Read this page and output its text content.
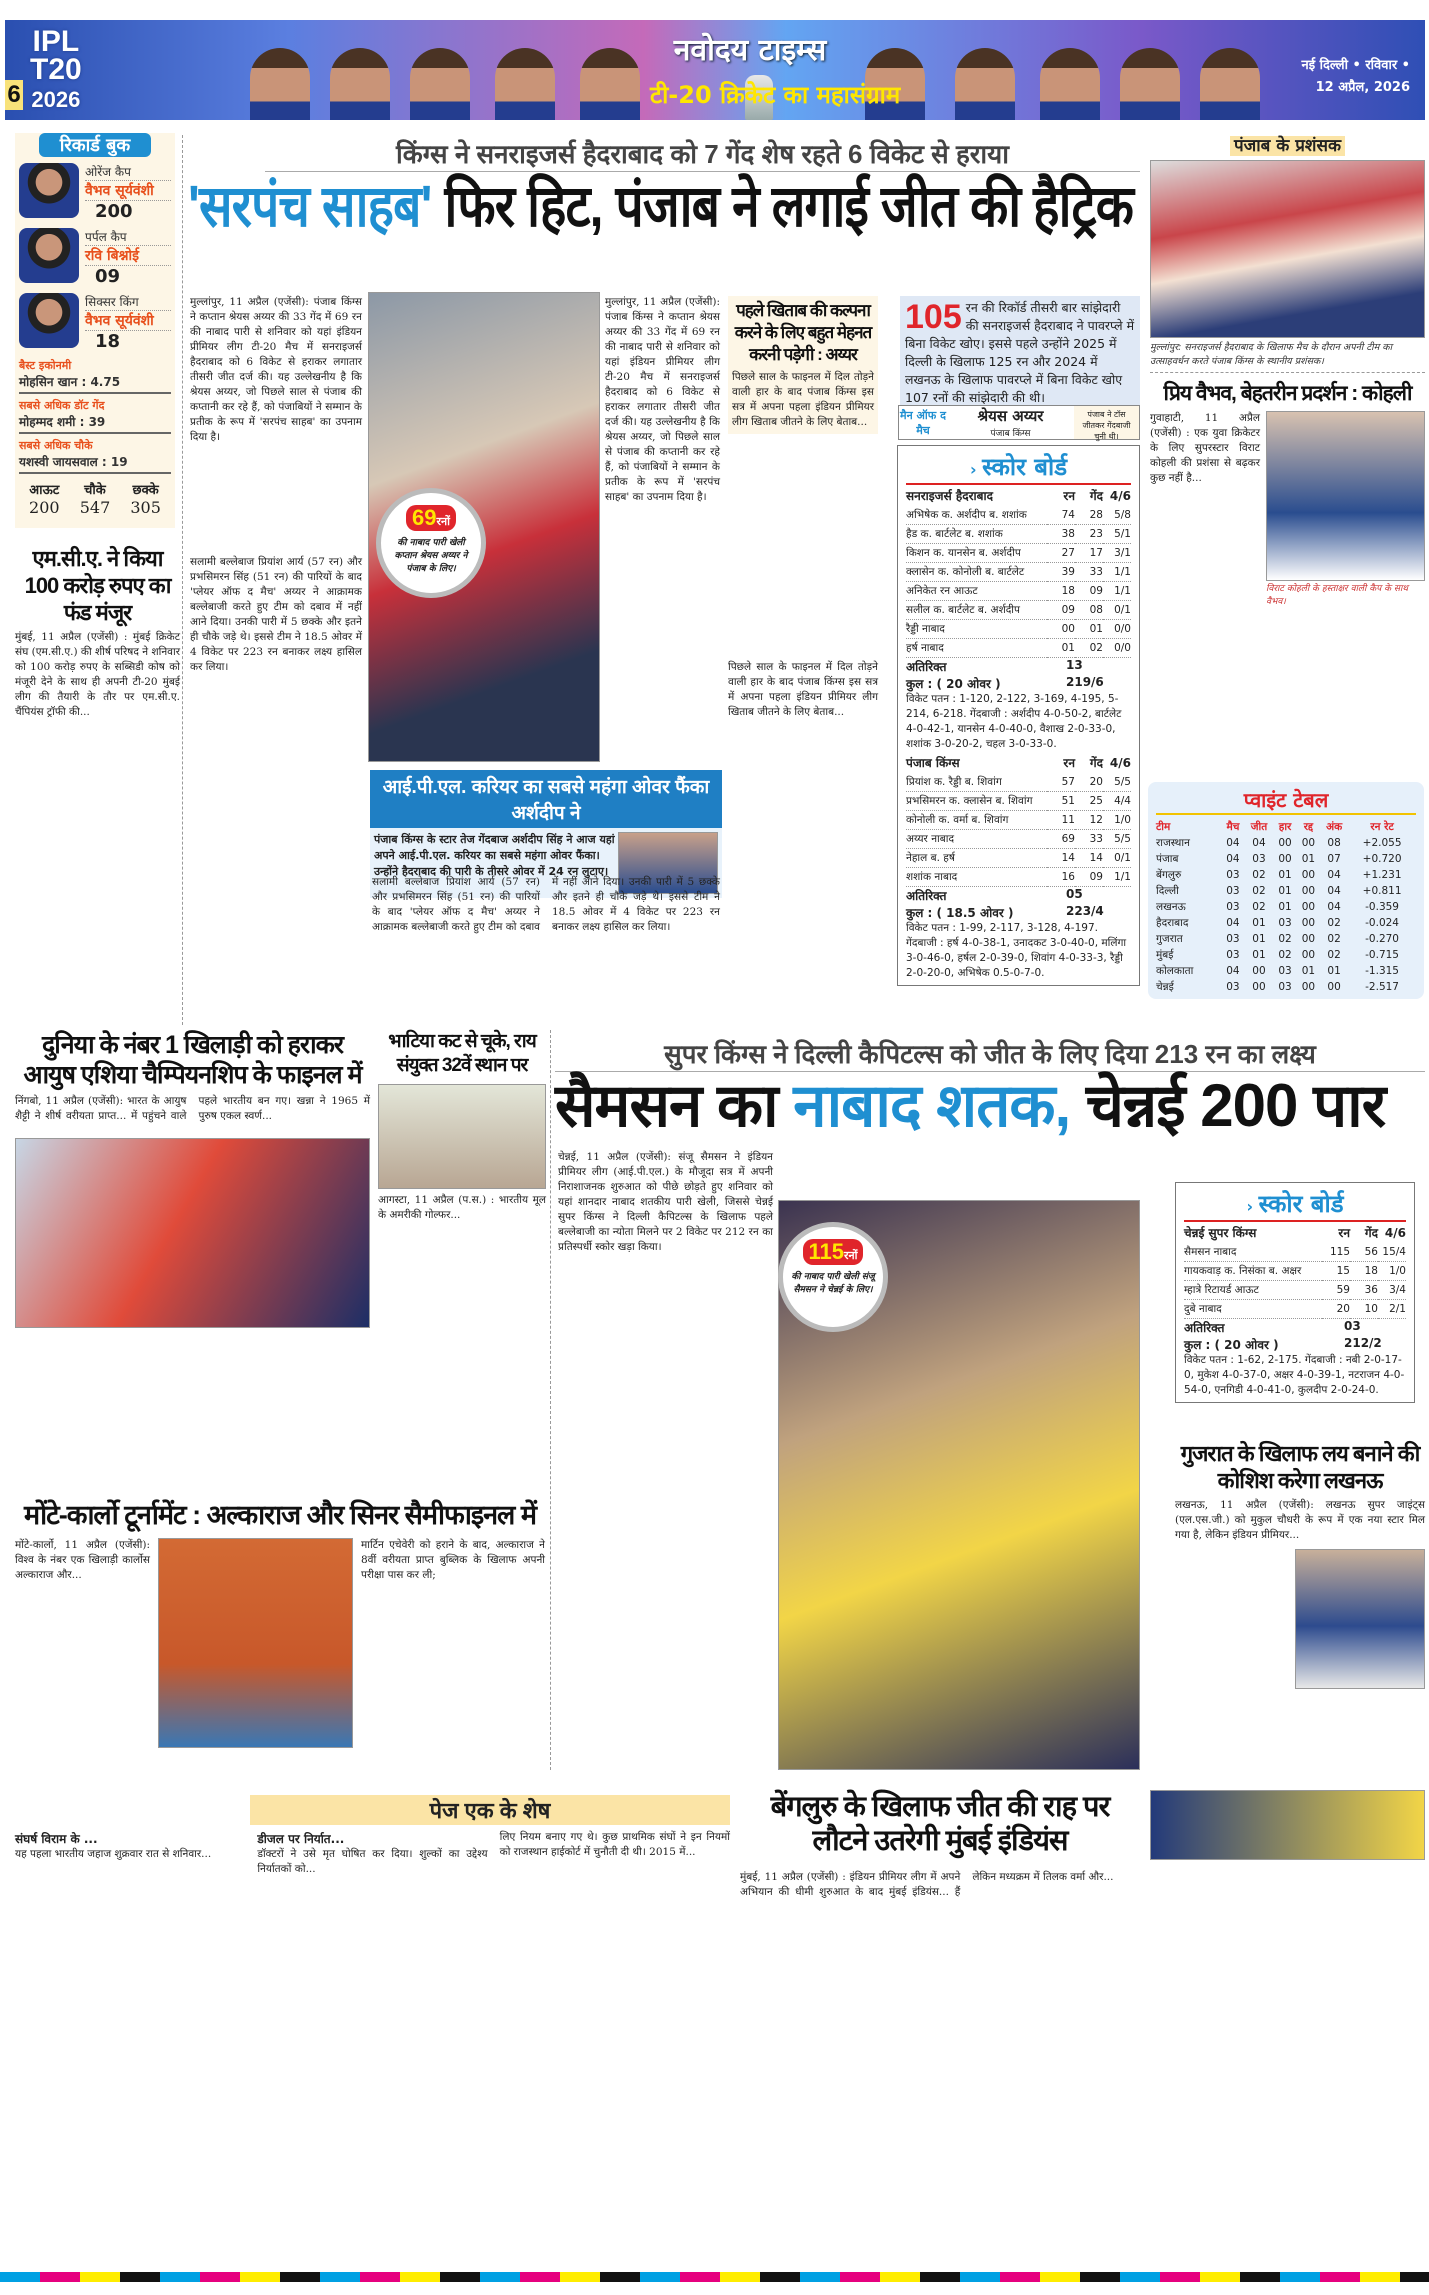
IPL
T20
2026
6
नवोदय टाइम्स
टी-20 क्रिकेट का महासंग्राम
नई दिल्ली • रविवार •
12 अप्रैल, 2026
रिकार्ड बुक
ओरेंज कैप
वैभव सूर्यवंशी
200
पर्पल कैप
रवि बिश्नोई
09
सिक्सर किंग
वैभव सूर्यवंशी
18
बैस्ट इकोनमी
मोहसिन खान : 4.75
सबसे अधिक डॉट गेंद
मोहम्मद शमी : 39
सबसे अधिक चौके
यशस्वी जायसवाल : 19
आऊट
200
चौके
547
छक्के
305
एम.सी.ए. ने किया 100 करोड़ रुपए का फंड मंजूर

मुंबई, 11 अप्रैल (एजेंसी) : मुंबई क्रिकेट संघ (एम.सी.ए.) की शीर्ष परिषद ने शनिवार को 100 करोड़ रुपए के सब्सिडी कोष को मंजूरी देने के साथ ही अपनी टी-20 मुंबई लीग की तैयारी के तौर पर एम.सी.ए. चैंपियंस ट्रॉफी की...

किंग्स ने सनराइजर्स हैदराबाद को 7 गेंद शेष रहते 6 विकेट से हराया
'सरपंच साहब' फिर हिट, पंजाब ने लगाई जीत की हैट्रिक

मुल्लांपुर, 11 अप्रैल (एजेंसी): पंजाब किंग्स ने कप्तान श्रेयस अय्यर की 33 गेंद में 69 रन की नाबाद पारी से शनिवार को यहां इंडियन प्रीमियर लीग टी-20 मैच में सनराइजर्स हैदराबाद को 6 विकेट से हराकर लगातार तीसरी जीत दर्ज की। यह उल्लेखनीय है कि श्रेयस अय्यर, जो पिछले साल से पंजाब की कप्तानी कर रहे हैं, को पंजाबियों ने सम्मान के प्रतीक के रूप में 'सरपंच साहब' का उपनाम दिया है।

सलामी बल्लेबाज प्रियांश आर्य (57 रन) और प्रभसिमरन सिंह (51 रन) की पारियों के बाद 'प्लेयर ऑफ द मैच' अय्यर ने आक्रामक बल्लेबाजी करते हुए टीम को दबाव में नहीं आने दिया। उनकी पारी में 5 छक्के और इतने ही चौके जड़े थे। इससे टीम ने 18.5 ओवर में 4 विकेट पर 223 रन बनाकर लक्ष्य हासिल कर लिया।

69रनों

की नाबाद पारी खेली कप्तान श्रेयस अय्यर ने पंजाब के लिए।

मुल्लांपुर, 11 अप्रैल (एजेंसी): पंजाब किंग्स ने कप्तान श्रेयस अय्यर की 33 गेंद में 69 रन की नाबाद पारी से शनिवार को यहां इंडियन प्रीमियर लीग टी-20 मैच में सनराइजर्स हैदराबाद को 6 विकेट से हराकर लगातार तीसरी जीत दर्ज की। यह उल्लेखनीय है कि श्रेयस अय्यर, जो पिछले साल से पंजाब की कप्तानी कर रहे हैं, को पंजाबियों ने सम्मान के प्रतीक के रूप में 'सरपंच साहब' का उपनाम दिया है।

पहले खिताब की कल्पना करने के लिए बहुत मेहनत करनी पड़ेगी : अय्यर

पिछले साल के फाइनल में दिल तोड़ने वाली हार के बाद पंजाब किंग्स इस सत्र में अपना पहला इंडियन प्रीमियर लीग खिताब जीतने के लिए बेताब...

105 रन की रिकॉर्ड तीसरी बार सांझेदारी की सनराइजर्स हैदराबाद ने पावरप्ले में बिना विकेट खोए। इससे पहले उन्होंने 2025 में दिल्ली के खिलाफ 125 रन और 2024 में लखनऊ के खिलाफ पावरप्ले में बिना विकेट खोए 107 रनों की सांझेदारी की थी।
मैन ऑफ द मैच
श्रेयस अय्यर
पंजाब किंग्स
पंजाब ने टॉस जीतकर गेंदबाजी चुनी थी।
› स्कोर बोर्ड
सनराइजर्स हैदराबाद	रन	गेंद	4/6
अभिषेक क. अर्शदीप ब. शशांक	74	28	5/8
हैड क. बार्टलेट ब. शशांक	38	23	5/1
किशन क. यानसेन ब. अर्शदीप	27	17	3/1
क्लासेन क. कोनोली ब. बार्टलेट	39	33	1/1
अनिकेत रन आऊट	18	09	1/1
सलील क. बार्टलेट ब. अर्शदीप	09	08	0/1
रैड्डी नाबाद	00	01	0/0
हर्ष नाबाद	01	02	0/0
अतिरिक्त	13
कुल : ( 20 ओवर )	219/6
विकेट पतन : 1-120, 2-122, 3-169, 4-195, 5-214, 6-218. गेंदबाजी : अर्शदीप 4-0-50-2, बार्टलेट 4-0-42-1, यानसेन 4-0-40-0, वैशाख 2-0-33-0, शशांक 3-0-20-2, चहल 3-0-33-0.
पंजाब किंग्स	रन	गेंद	4/6
प्रियांश क. रैड्डी ब. शिवांग	57	20	5/5
प्रभसिमरन क. क्लासेन ब. शिवांग	51	25	4/4
कोनोली क. वर्मा ब. शिवांग	11	12	1/0
अय्यर नाबाद	69	33	5/5
नेहाल ब. हर्ष	14	14	0/1
शशांक नाबाद	16	09	1/1
अतिरिक्त	05
कुल : ( 18.5 ओवर )	223/4
विकेट पतन : 1-99, 2-117, 3-128, 4-197. गेंदबाजी : हर्ष 4-0-38-1, उनादकट 3-0-40-0, मलिंगा 3-0-46-0, हर्षल 2-0-39-0, शिवांग 4-0-33-3, रैड्डी 2-0-20-0, अभिषेक 0.5-0-7-0.
आई.पी.एल. करियर का सबसे महंगा ओवर फैंका अर्शदीप ने

पंजाब किंग्स के स्टार तेज गेंदबाज अर्शदीप सिंह ने आज यहां अपने आई.पी.एल. करियर का सबसे महंगा ओवर फैंका। उन्होंने हैदराबाद की पारी के तीसरे ओवर में 24 रन लुटाए।

सलामी बल्लेबाज प्रियांश आर्य (57 रन) और प्रभसिमरन सिंह (51 रन) की पारियों के बाद 'प्लेयर ऑफ द मैच' अय्यर ने आक्रामक बल्लेबाजी करते हुए टीम को दबाव में नहीं आने दिया। उनकी पारी में 5 छक्के और इतने ही चौके जड़े थे। इससे टीम ने 18.5 ओवर में 4 विकेट पर 223 रन बनाकर लक्ष्य हासिल कर लिया।

पिछले साल के फाइनल में दिल तोड़ने वाली हार के बाद पंजाब किंग्स इस सत्र में अपना पहला इंडियन प्रीमियर लीग खिताब जीतने के लिए बेताब...

पंजाब के प्रशंसक

मुल्लांपुर: सनराइजर्स हैदराबाद के खिलाफ मैच के दौरान अपनी टीम का उत्साहवर्धन करते पंजाब किंग्स के स्थानीय प्रशंसक।

प्रिय वैभव, बेहतरीन प्रदर्शन : कोहली

गुवाहाटी, 11 अप्रैल (एजेंसी) : एक युवा क्रिकेटर के लिए सुपरस्टार विराट कोहली की प्रशंसा से बढ़कर कुछ नहीं है...

विराट कोहली के हस्ताक्षर वाली कैप के साथ वैभव।

प्वाइंट टेबल
टीम	मैच	जीत	हार	रद्द	अंक	रन रेट
राजस्थान	04	04	00	00	08	+2.055
पंजाब	04	03	00	01	07	+0.720
बेंगलुरु	03	02	01	00	04	+1.231
दिल्ली	03	02	01	00	04	+0.811
लखनऊ	03	02	01	00	04	-0.359
हैदराबाद	04	01	03	00	02	-0.024
गुजरात	03	01	02	00	02	-0.270
मुंबई	03	01	02	00	02	-0.715
कोलकाता	04	00	03	01	01	-1.315
चेन्नई	03	00	03	00	00	-2.517
दुनिया के नंबर 1 खिलाड़ी को हराकर आयुष एशिया चैम्पियनशिप के फाइनल में

निंगबो, 11 अप्रैल (एजेंसी): भारत के आयुष शैट्टी ने शीर्ष वरीयता प्राप्त... में पहुंचने वाले पहले भारतीय बन गए। खन्ना ने 1965 में पुरुष एकल स्वर्ण...

भाटिया कट से चूके, राय संयुक्त 32वें स्थान पर

आगस्टा, 11 अप्रैल (प.स.) : भारतीय मूल के अमरीकी गोल्फर...

मोंटे-कार्लो टूर्नामेंट : अल्काराज और सिनर सैमीफाइनल में

मोंटे-कार्लो, 11 अप्रैल (एजेंसी): विश्व के नंबर एक खिलाड़ी कार्लोस अल्काराज और...

मार्टिन एचेवेरी को हराने के बाद, अल्काराज ने 8वीं वरीयता प्राप्त बुब्लिक के खिलाफ अपनी परीक्षा पास कर ली;

सुपर किंग्स ने दिल्ली कैपिटल्स को जीत के लिए दिया 213 रन का लक्ष्य
सैमसन का नाबाद शतक, चेन्नई 200 पार

चेन्नई, 11 अप्रैल (एजेंसी): संजू सैमसन ने इंडियन प्रीमियर लीग (आई.पी.एल.) के मौजूदा सत्र में अपनी निराशाजनक शुरुआत को पीछे छोड़ते हुए शनिवार को यहां शानदार नाबाद शतकीय पारी खेली, जिससे चेन्नई सुपर किंग्स ने दिल्ली कैपिटल्स के खिलाफ पहले बल्लेबाजी का न्योता मिलने पर 2 विकेट पर 212 रन का प्रतिस्पर्धी स्कोर खड़ा किया।	115रनों

की नाबाद पारी खेली संजू सैमसन ने चेन्नई के लिए।

› स्कोर बोर्ड
चेन्नई सुपर किंग्स	रन	गेंद	4/6
सैमसन नाबाद	115	56	15/4
गायकवाड़ क. निसंका ब. अक्षर	15	18	1/0
म्हात्रे रिटायर्ड आऊट	59	36	3/4
दुबे नाबाद	20	10	2/1
अतिरिक्त	03
कुल : ( 20 ओवर )	212/2
विकेट पतन : 1-62, 2-175. गेंदबाजी : नबी 2-0-17-0, मुकेश 4-0-37-0, अक्षर 4-0-39-1, नटराजन 4-0-54-0, एनगिडी 4-0-41-0, कुलदीप 2-0-24-0.
गुजरात के खिलाफ लय बनाने की कोशिश करेगा लखनऊ

लखनऊ, 11 अप्रैल (एजेंसी): लखनऊ सुपर जाइंट्स (एल.एस.जी.) को मुकुल चौधरी के रूप में एक नया स्टार मिल गया है, लेकिन इंडियन प्रीमियर...

पेज एक के शेष
संघर्ष विराम के ...

यह पहला भारतीय जहाज शुक्रवार रात से शनिवार...

डीजल पर निर्यात...

डॉक्टरों ने उसे मृत घोषित कर दिया। शुल्कों का उद्देश्य निर्यातकों को...

लिए नियम बनाए गए थे। कुछ प्राथमिक संघों ने इन नियमों को राजस्थान हाईकोर्ट में चुनौती दी थी। 2015 में...

बेंगलुरु के खिलाफ जीत की राह पर लौटने उतरेगी मुंबई इंडियंस

मुंबई, 11 अप्रैल (एजेंसी) : इंडियन प्रीमियर लीग में अपने अभियान की धीमी शुरुआत के बाद मुंबई इंडियंस... हैं लेकिन मध्यक्रम में तिलक वर्मा और...
